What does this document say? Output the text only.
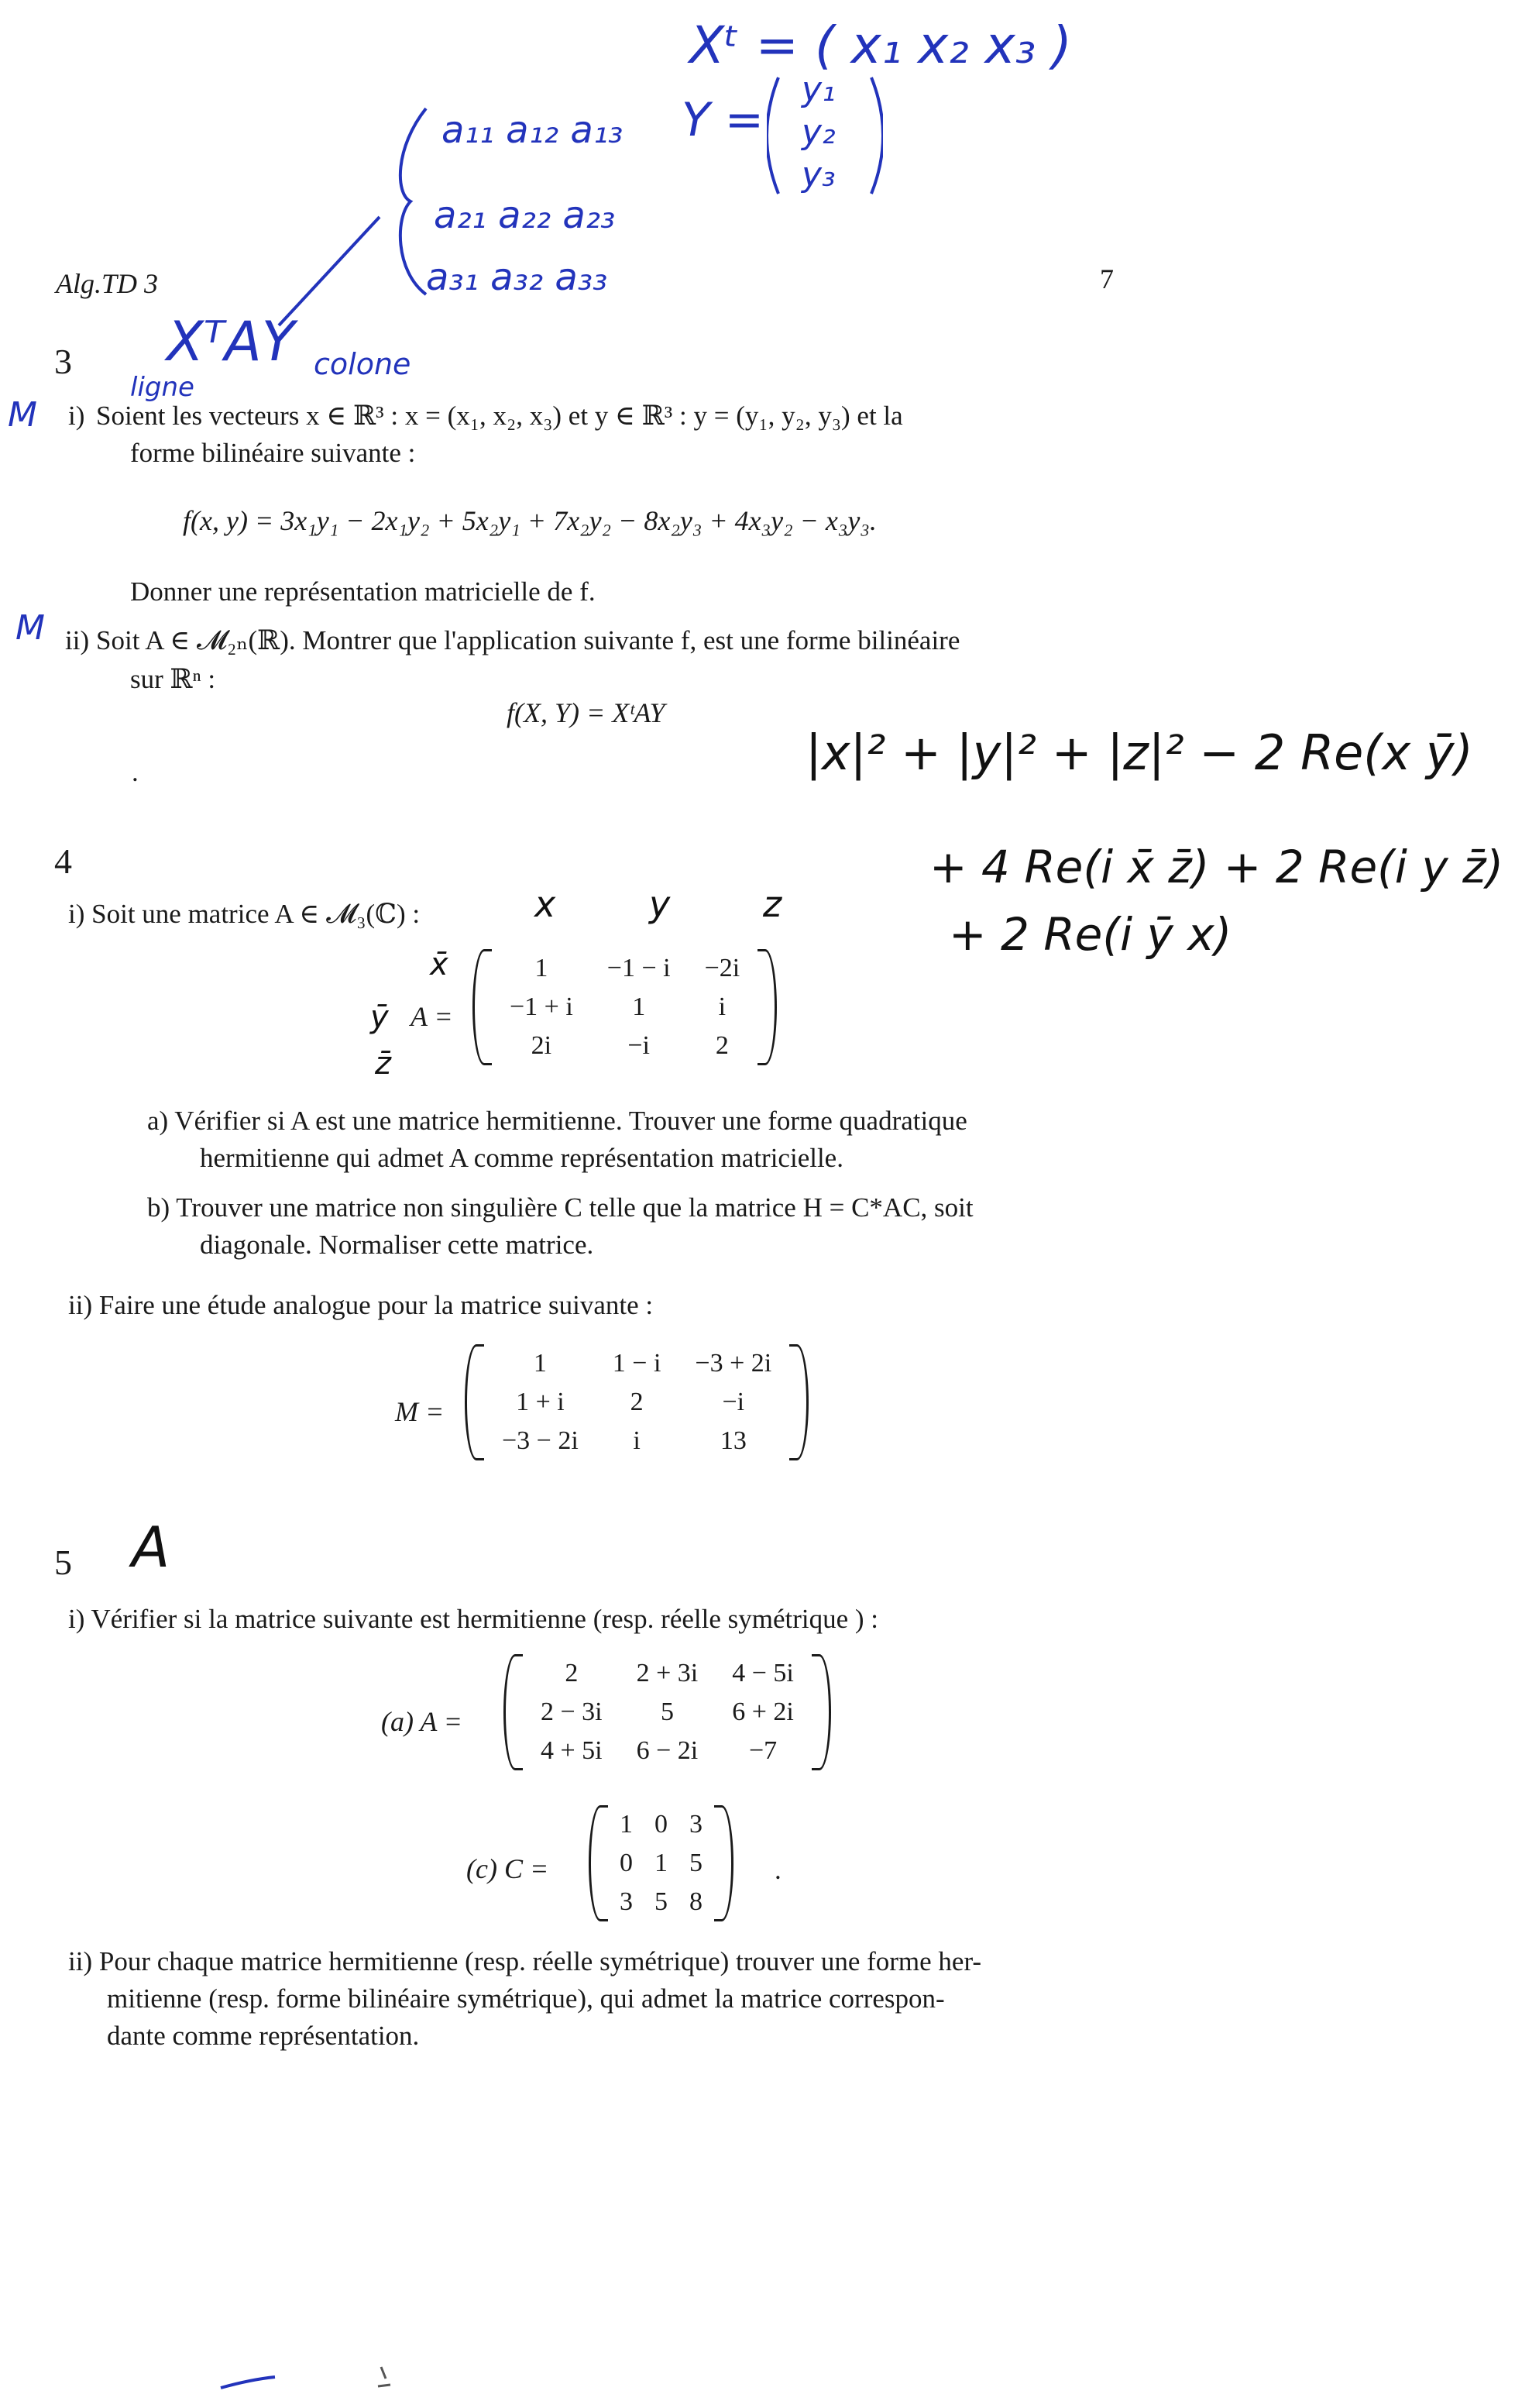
Xᵗ = ( x₁ x₂ x₃ )
a₁₁ a₁₂ a₁₃
a₂₁ a₂₂ a₂₃
a₃₁ a₃₂ a₃₃
Y =
y₁
y₂
y₃
Alg.TD 3	7
3 XᵀAY colone
ligne
M i) Soient les vecteurs x ∈ ℝ³ : x = (x₁, x₂, x₃) et y ∈ ℝ³ : y = (y₁, y₂, y₃) et la
forme bilinéaire suivante :
f(x, y) = 3x₁y₁ − 2x₁y₂ + 5x₂y₁ + 7x₂y₂ − 8x₂y₃ + 4x₃y₂ − x₃y₃.
Donner une représentation matricielle de f.
M ii) Soit A ∈ 𝓜₂ₙ(ℝ). Montrer que l'application suivante f, est une forme bilinéaire
sur ℝⁿ :
f(X, Y) = XᵗAY
.	|x|² + |y|² + |z|² − 2 Re(x ȳ)
+ 4 Re(i x̄ z̄) + 2 Re(i y z̄)
+ 2 Re(i ȳ x)
4
i) Soit une matrice A ∈ 𝓜₃(ℂ) :	x	y	z
x̄
ȳ
z̄
A =
1	−1 − i	−2i
−1 + i	1	i
2i	−i	2
a) Vérifier si A est une matrice hermitienne. Trouver une forme quadratique
hermitienne qui admet A comme représentation matricielle.
b) Trouver une matrice non singulière C telle que la matrice H = C*AC, soit
diagonale. Normaliser cette matrice.
ii) Faire une étude analogue pour la matrice suivante :
M =
1	1 − i	−3 + 2i
1 + i	2	−i
−3 − 2i	i	13
5 A
i) Vérifier si la matrice suivante est hermitienne (resp. réelle symétrique ) :
(a) A =
2	2 + 3i	4 − 5i
2 − 3i	5	6 + 2i
4 + 5i	6 − 2i	−7
(c) C =
1	0	3
0	1	5
3	5	8
.
ii) Pour chaque matrice hermitienne (resp. réelle symétrique) trouver une forme her-
mitienne (resp. forme bilinéaire symétrique), qui admet la matrice correspon-
dante comme représentation.
